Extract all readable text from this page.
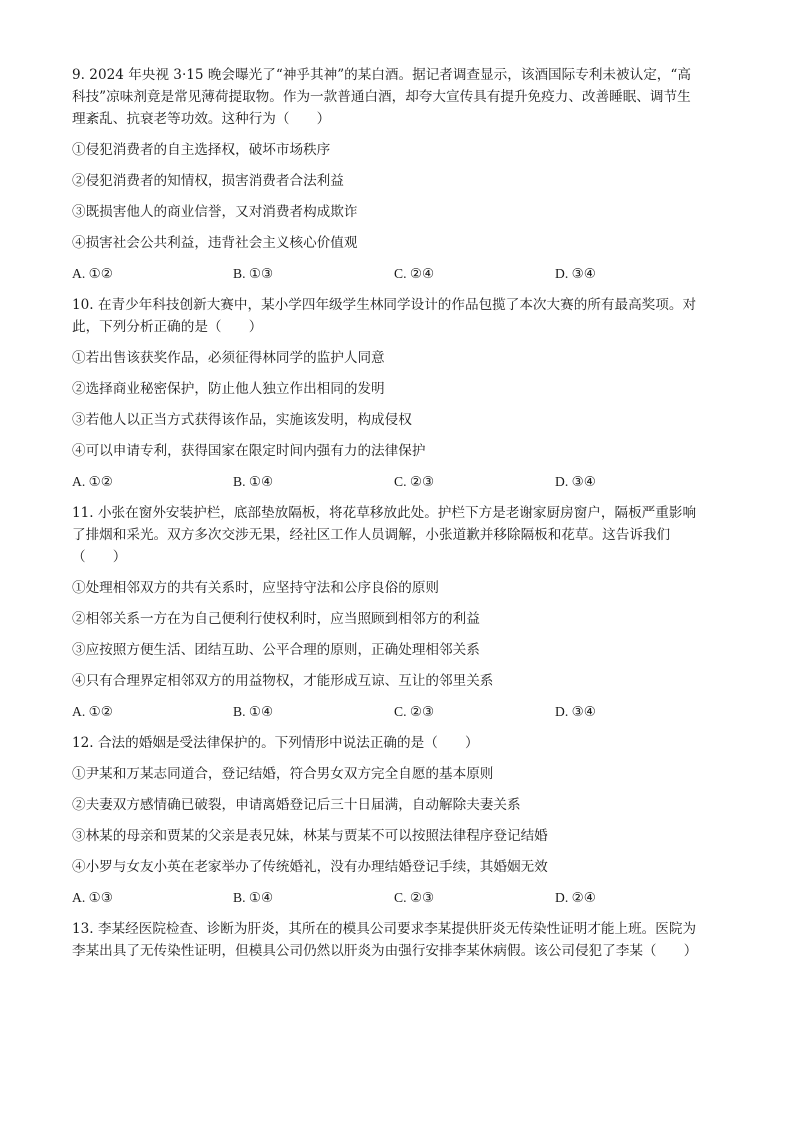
9. 2024 年央视 3·15 晚会曝光了“神乎其神”的某白酒。据记者调查显示，该酒国际专利未被认定，“高

科技”凉味剂竟是常见薄荷提取物。作为一款普通白酒，却夸大宣传具有提升免疫力、改善睡眠、调节生

理紊乱、抗衰老等功效。这种行为（　　）

①侵犯消费者的自主选择权，破坏市场秩序

②侵犯消费者的知情权，损害消费者合法利益

③既损害他人的商业信誉，又对消费者构成欺诈

④损害社会公共利益，违背社会主义核心价值观

A. ①②	B. ①③	C. ②④	D. ③④

10. 在青少年科技创新大赛中，某小学四年级学生林同学设计的作品包揽了本次大赛的所有最高奖项。对

此，下列分析正确的是（　　）

①若出售该获奖作品，必须征得林同学的监护人同意

②选择商业秘密保护，防止他人独立作出相同的发明

③若他人以正当方式获得该作品，实施该发明，构成侵权

④可以申请专利，获得国家在限定时间内强有力的法律保护

A. ①②	B. ①④	C. ②③	D. ③④

11. 小张在窗外安装护栏，底部垫放隔板，将花草移放此处。护栏下方是老谢家厨房窗户，隔板严重影响

了排烟和采光。双方多次交涉无果，经社区工作人员调解，小张道歉并移除隔板和花草。这告诉我们

（　　）

①处理相邻双方的共有关系时，应坚持守法和公序良俗的原则

②相邻关系一方在为自己便利行使权利时，应当照顾到相邻方的利益

③应按照方便生活、团结互助、公平合理的原则，正确处理相邻关系

④只有合理界定相邻双方的用益物权，才能形成互谅、互让的邻里关系

A. ①②	B. ①④	C. ②③	D. ③④

12. 合法的婚姻是受法律保护的。下列情形中说法正确的是（　　）

①尹某和万某志同道合，登记结婚，符合男女双方完全自愿的基本原则

②夫妻双方感情确已破裂，申请离婚登记后三十日届满，自动解除夫妻关系

③林某的母亲和贾某的父亲是表兄妹，林某与贾某不可以按照法律程序登记结婚

④小罗与女友小英在老家举办了传统婚礼，没有办理结婚登记手续，其婚姻无效

A. ①③	B. ①④	C. ②③	D. ②④

13. 李某经医院检查、诊断为肝炎，其所在的模具公司要求李某提供肝炎无传染性证明才能上班。医院为

李某出具了无传染性证明，但模具公司仍然以肝炎为由强行安排李某休病假。该公司侵犯了李某（　　）
